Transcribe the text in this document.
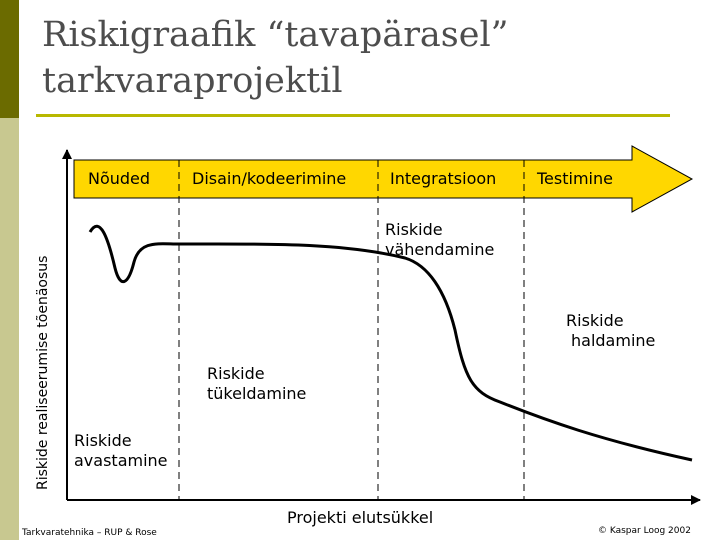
Riskigraafik “tavapärasel”
tarkvaraprojektil
Nõuded	Disain/kodeerimine	Integratsioon	Testimine
Riskide
vähendamine
Riskide
haldamine
Riskide
tükeldamine
Riskide
avastamine
Riskide realiseerumise tõenäosus
Projekti elutsükkel
Tarkvaratehnika – RUP & Rose	© Kaspar Loog 2002
